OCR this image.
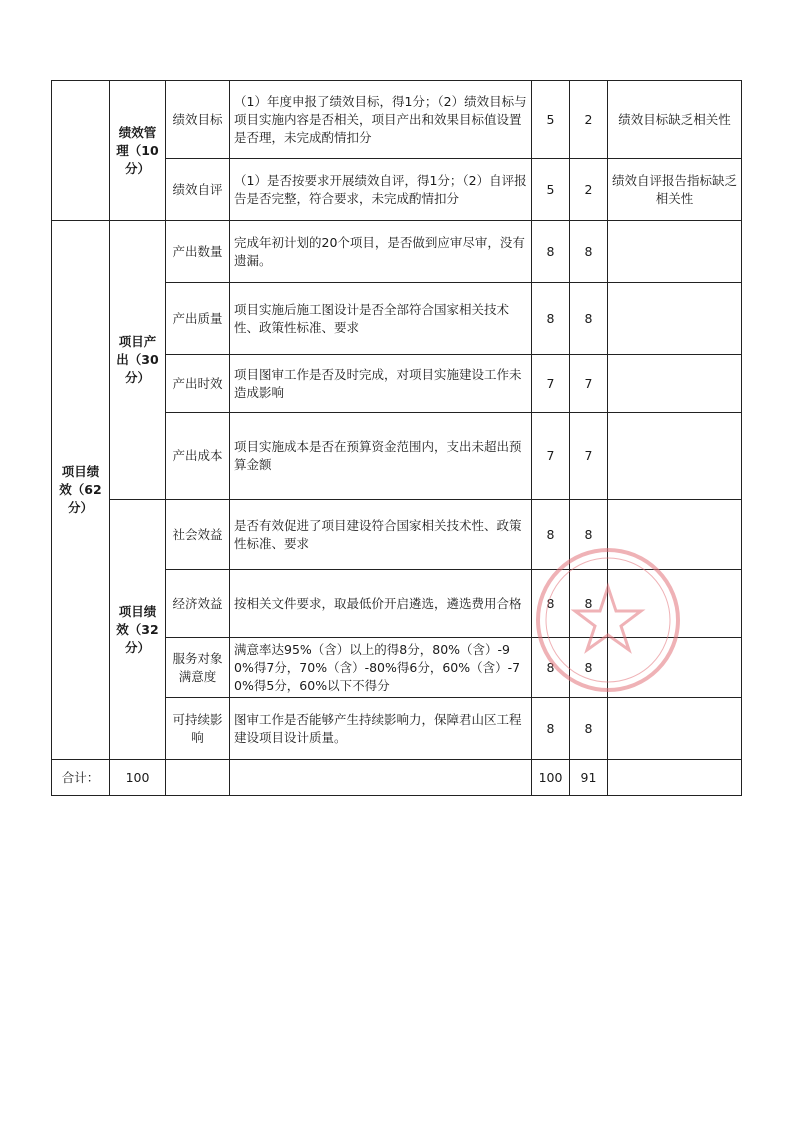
	绩效管理（10分）	绩效目标	（1）年度申报了绩效目标，得1分；（2）绩效目标与项目实施内容是否相关，项目产出和效果目标值设置是否理，未完成酌情扣分	5	2	绩效目标缺乏相关性
		绩效自评	（1）是否按要求开展绩效自评，得1分；（2）自评报告是否完整，符合要求，未完成酌情扣分	5	2	绩效自评报告指标缺乏相关性
项目绩效（62分）	项目产出（30分）	产出数量	完成年初计划的20个项目，是否做到应审尽审，没有遗漏。	8	8	
		产出质量	项目实施后施工图设计是否全部符合国家相关技术性、政策性标准、要求	8	8	
		产出时效	项目图审工作是否及时完成，对项目实施建设工作未造成影响	7	7	
		产出成本	项目实施成本是否在预算资金范围内，支出未超出预算金额	7	7	
	项目绩效（32分）	社会效益	是否有效促进了项目建设符合国家相关技术性、政策性标准、要求	8	8	
		经济效益	按相关文件要求，取最低价开启遴选，遴选费用合格	8	8	
		服务对象满意度	满意率达95%（含）以上的得8分，80%（含）-90%得7分，70%（含）-80%得6分，60%（含）-70%得5分，60%以下不得分	8	8	
		可持续影响	图审工作是否能够产生持续影响力，保障君山区工程建设项目设计质量。	8	8	
合计：	100			100	91	
